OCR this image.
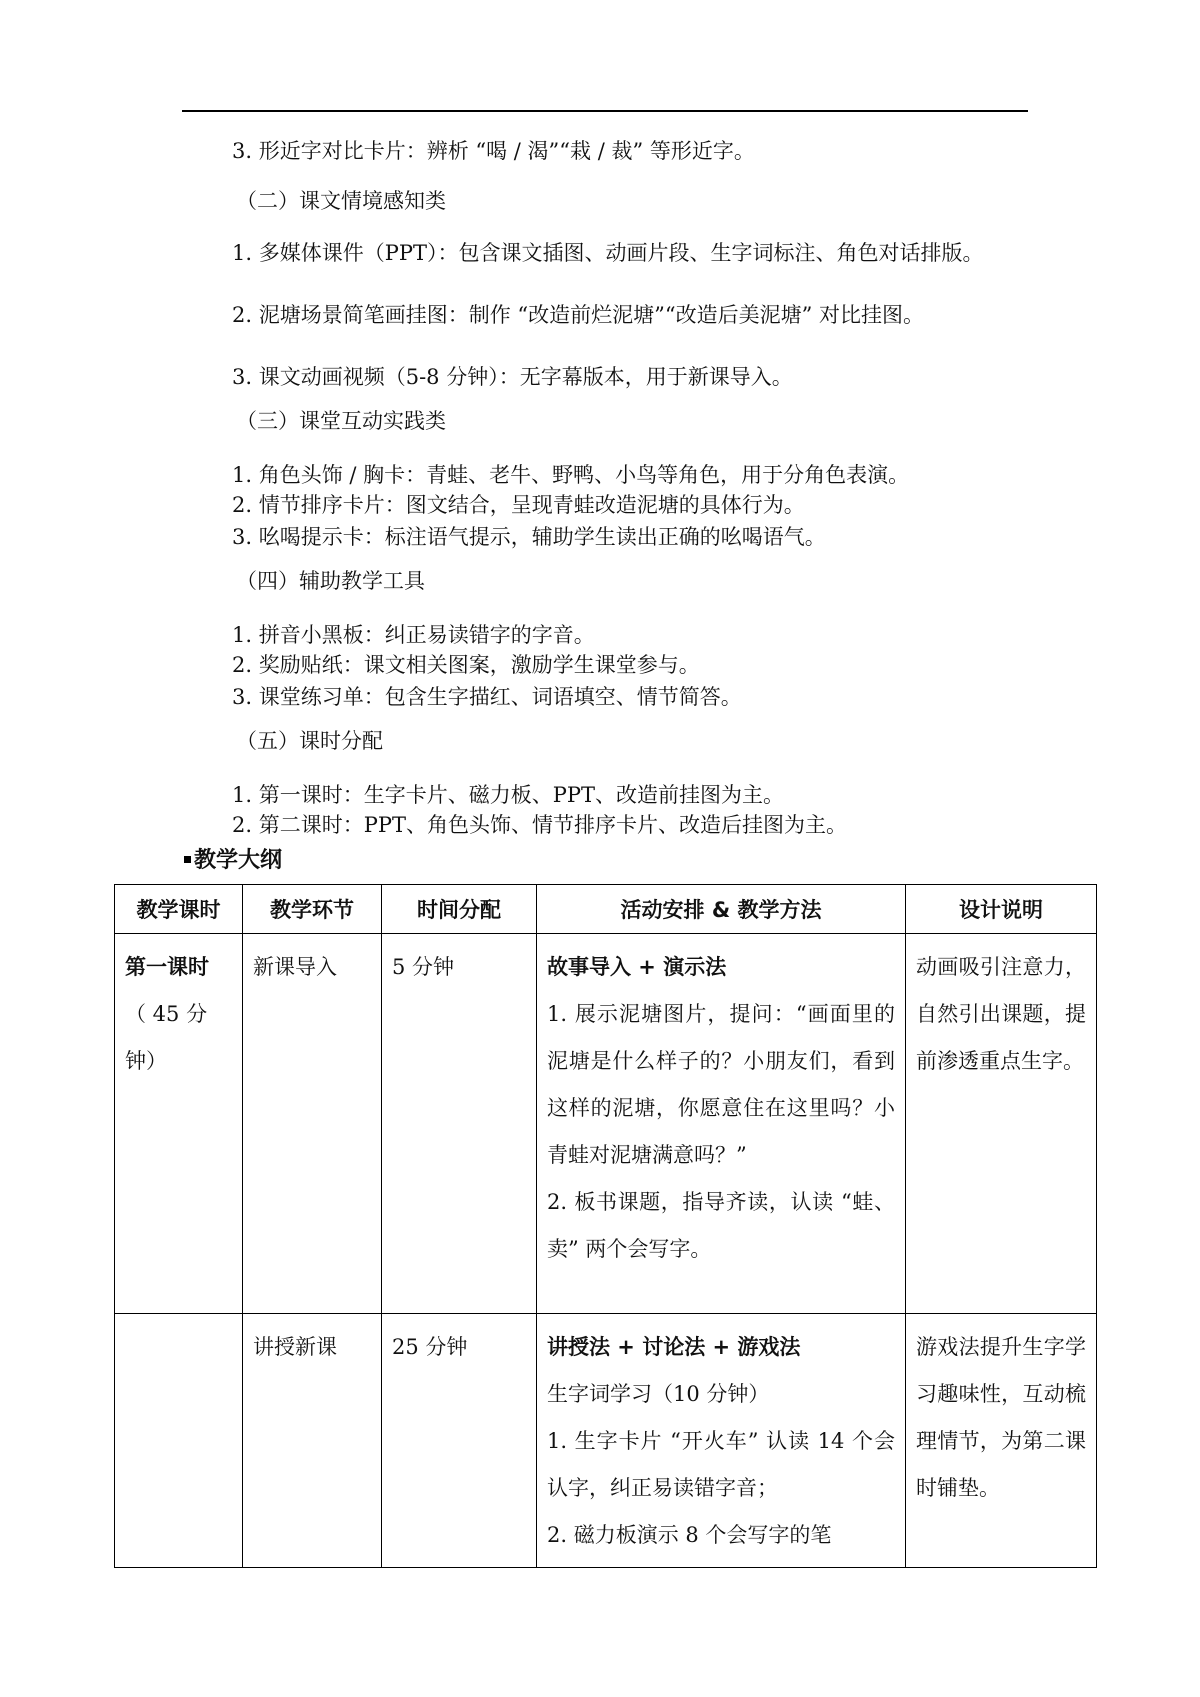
3. 形近字对比卡片：辨析 “喝 / 渴”“栽 / 裁” 等形近字。
（二）课文情境感知类
1. 多媒体课件（PPT）：包含课文插图、动画片段、生字词标注、角色对话排版。
2. 泥塘场景简笔画挂图：制作 “改造前烂泥塘”“改造后美泥塘” 对比挂图。
3. 课文动画视频（5-8 分钟）：无字幕版本，用于新课导入。
（三）课堂互动实践类
1. 角色头饰 / 胸卡：青蛙、老牛、野鸭、小鸟等角色，用于分角色表演。
2. 情节排序卡片：图文结合，呈现青蛙改造泥塘的具体行为。
3. 吆喝提示卡：标注语气提示，辅助学生读出正确的吆喝语气。
（四）辅助教学工具
1. 拼音小黑板：纠正易读错字的字音。
2. 奖励贴纸：课文相关图案，激励学生课堂参与。
3. 课堂练习单：包含生字描红、词语填空、情节简答。
（五）课时分配
1. 第一课时：生字卡片、磁力板、PPT、改造前挂图为主。
2. 第二课时：PPT、角色头饰、情节排序卡片、改造后挂图为主。
教学大纲
教学课时	教学环节	时间分配	活动安排 & 教学方法	设计说明
第一课时
（ 45 分钟）	新课导入	5 分钟	故事导入 + 演示法
1. 展示泥塘图片，提问：“画面里的泥塘是什么样子的？小朋友们，看到这样的泥塘，你愿意住在这里吗？小青蛙对泥塘满意吗？”
2. 板书课题，指导齐读，认读 “蛙、卖” 两个会写字。	动画吸引注意力，自然引出课题，提前渗透重点生字。
	讲授新课	25 分钟	讲授法 + 讨论法 + 游戏法
生字词学习（10 分钟）
1. 生字卡片 “开火车” 认读 14 个会认字，纠正易读错字音；
2. 磁力板演示 8 个会写字的笔	游戏法提升生字学习趣味性，互动梳理情节，为第二课时铺垫。
